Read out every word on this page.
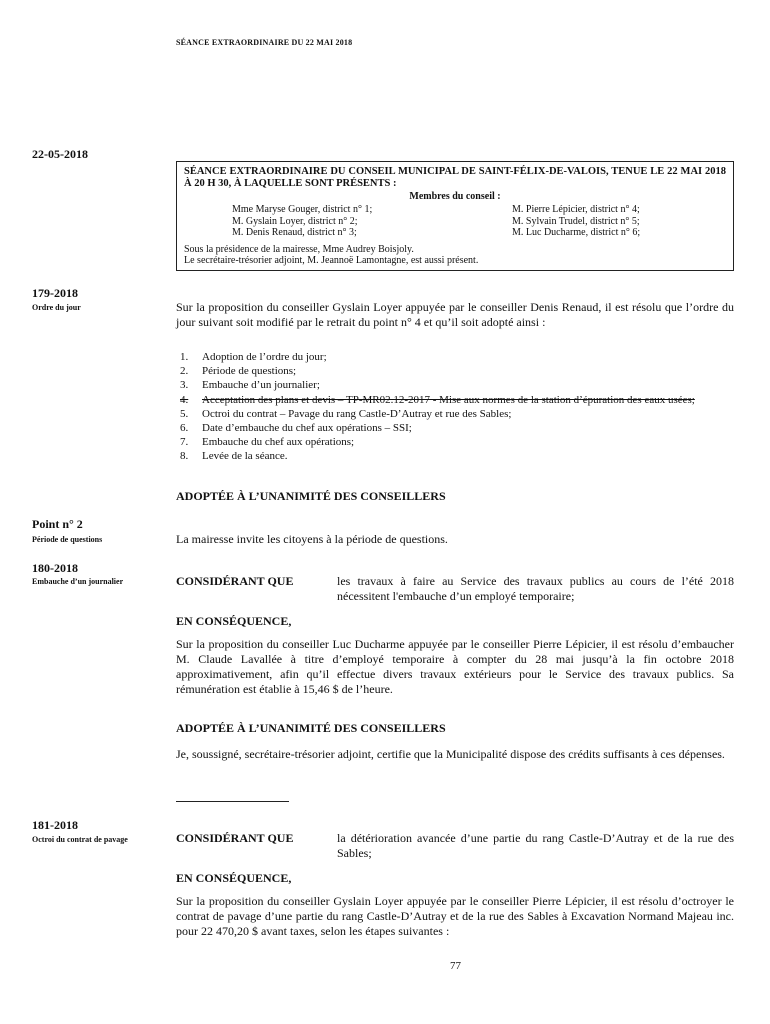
SÉANCE EXTRAORDINAIRE DU 22 MAI 2018
22-05-2018
SÉANCE EXTRAORDINAIRE DU CONSEIL MUNICIPAL DE SAINT-FÉLIX-DE-VALOIS, TENUE LE 22 MAI 2018 À 20 H 30, À LAQUELLE SONT PRÉSENTS :
Membres du conseil :
Mme Maryse Gouger, district n° 1;
M. Gyslain Loyer, district n° 2;
M. Denis Renaud, district n° 3;
M. Pierre Lépicier, district n° 4;
M. Sylvain Trudel, district n° 5;
M. Luc Ducharme, district n° 6;
Sous la présidence de la mairesse, Mme Audrey Boisjoly.
Le secrétaire-trésorier adjoint, M. Jeannoë Lamontagne, est aussi présent.
179-2018
Ordre du jour	Sur la proposition du conseiller Gyslain Loyer appuyée par le conseiller Denis Renaud, il est résolu que l’ordre du jour suivant soit modifié par le retrait du point n° 4 et qu’il soit adopté ainsi :
1.	Adoption de l’ordre du jour;
2.	Période de questions;
3.	Embauche d’un journalier;
4.	Acceptation des plans et devis – TP-MR02.12-2017 - Mise aux normes de la station d’épuration des eaux usées;
5.	Octroi du contrat – Pavage du rang Castle-D’Autray et rue des Sables;
6.	Date d’embauche du chef aux opérations – SSI;
7.	Embauche du chef aux opérations;
8.	Levée de la séance.
ADOPTÉE À L’UNANIMITÉ DES CONSEILLERS
Point n° 2
Période de questions	La mairesse invite les citoyens à la période de questions.
180-2018
Embauche d’un journalier	CONSIDÉRANT QUE	les travaux à faire au Service des travaux publics au cours de l’été 2018 nécessitent l'embauche d’un employé temporaire;
EN CONSÉQUENCE,
Sur la proposition du conseiller Luc Ducharme appuyée par le conseiller Pierre Lépicier, il est résolu d’embaucher M. Claude Lavallée à titre d’employé temporaire à compter du 28 mai jusqu’à la fin octobre 2018 approximativement, afin qu’il effectue divers travaux extérieurs pour le Service des travaux publics. Sa rémunération est établie à 15,46 $ de l’heure.
ADOPTÉE À L’UNANIMITÉ DES CONSEILLERS
Je, soussigné, secrétaire-trésorier adjoint, certifie que la Municipalité dispose des crédits suffisants à ces dépenses.
181-2018
Octroi du contrat de pavage	CONSIDÉRANT QUE	la détérioration avancée d’une partie du rang Castle-D’Autray et de la rue des Sables;
EN CONSÉQUENCE,
Sur la proposition du conseiller Gyslain Loyer appuyée par le conseiller Pierre Lépicier, il est résolu d’octroyer le contrat de pavage d’une partie du rang Castle-D’Autray et de la rue des Sables à Excavation Normand Majeau inc. pour 22 470,20 $ avant taxes, selon les étapes suivantes :
77
